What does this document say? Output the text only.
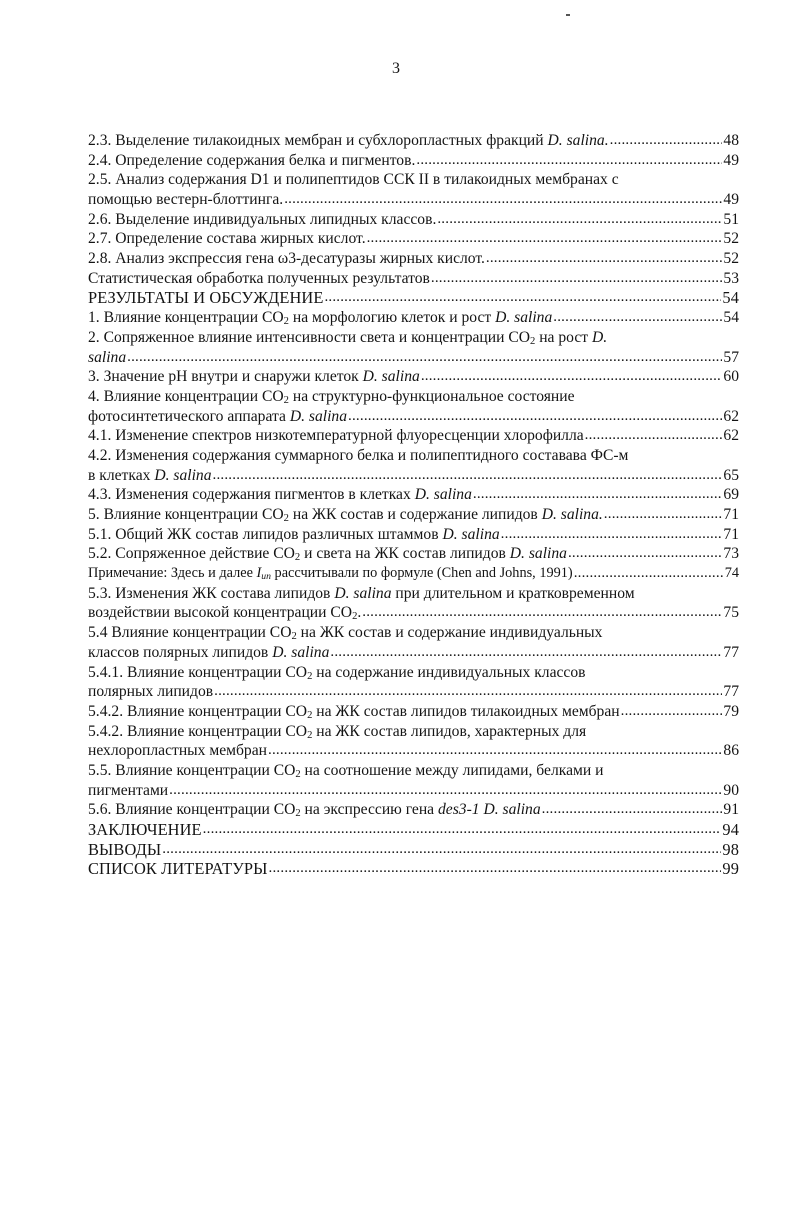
3
2.3. Выделение тилакоидных мембран и субхлоропластных фракций D. salina. .....	48
2.4. Определение содержания белка и пигментов. .....	49
2.5. Анализ содержания D1 и полипептидов ССК II в тилакоидных мембранах с
помощью вестерн-блоттинга. .....	49
2.6. Выделение индивидуальных липидных классов. .....	51
2.7. Определение состава жирных кислот. .....	52
2.8. Анализ экспрессия гена ω3-десатуразы жирных кислот. .....	52
Статистическая обработка полученных результатов .....	53
РЕЗУЛЬТАТЫ И ОБСУЖДЕНИЕ .....	54
1. Влияние концентрации $CO_2$ на морфологию клеток и рост D. salina .....	54
2. Сопряженное влияние интенсивности света и концентрации $CO_2$ на рост D.
salina .....	57
3. Значение pH внутри и снаружи клеток D. salina .....	60
4. Влияние концентрации $CO_2$ на структурно-функциональное состояние
фотосинтетического аппарата D. salina .....	62
4.1. Изменение спектров низкотемпературной флуоресценции хлорофилла .....	62
4.2. Изменения содержания суммарного белка и полипептидного составава ФС-м
в клетках D. salina .....	65
4.3. Изменения содержания пигментов в клетках D. salina .....	69
5. Влияние концентрации $CO_2$ на ЖК состав и содержание липидов D. salina. .....	71
5.1. Общий ЖК состав липидов различных штаммов D. salina .....	71
5.2. Сопряженное действие $CO_2$ и света на ЖК состав липидов D. salina .....	73
Примечание: Здесь и далее $I_{un}$ рассчитывали по формуле (Chen and Johns, 1991) .....	74
5.3. Изменения ЖК состава липидов D. salina при длительном и кратковременном
воздействии высокой концентрации $CO_2$. .....	75
5.4 Влияние концентрации $CO_2$ на ЖК состав и содержание индивидуальных
классов полярных липидов D. salina .....	77
5.4.1. Влияние концентрации $CO_2$ на содержание индивидуальных классов
полярных липидов .....	77
5.4.2. Влияние концентрации $CO_2$ на ЖК состав липидов тилакоидных мембран .....	79
5.4.2. Влияние концентрации $CO_2$ на ЖК состав липидов, характерных для
нехлоропластных мембран .....	86
5.5. Влияние концентрации $CO_2$ на соотношение между липидами, белками и
пигментами .....	90
5.6. Влияние концентрации $CO_2$ на экспрессию гена des3-1 D. salina .....	91
ЗАКЛЮЧЕНИЕ .....	94
ВЫВОДЫ .....	98
СПИСОК ЛИТЕРАТУРЫ .....	99
